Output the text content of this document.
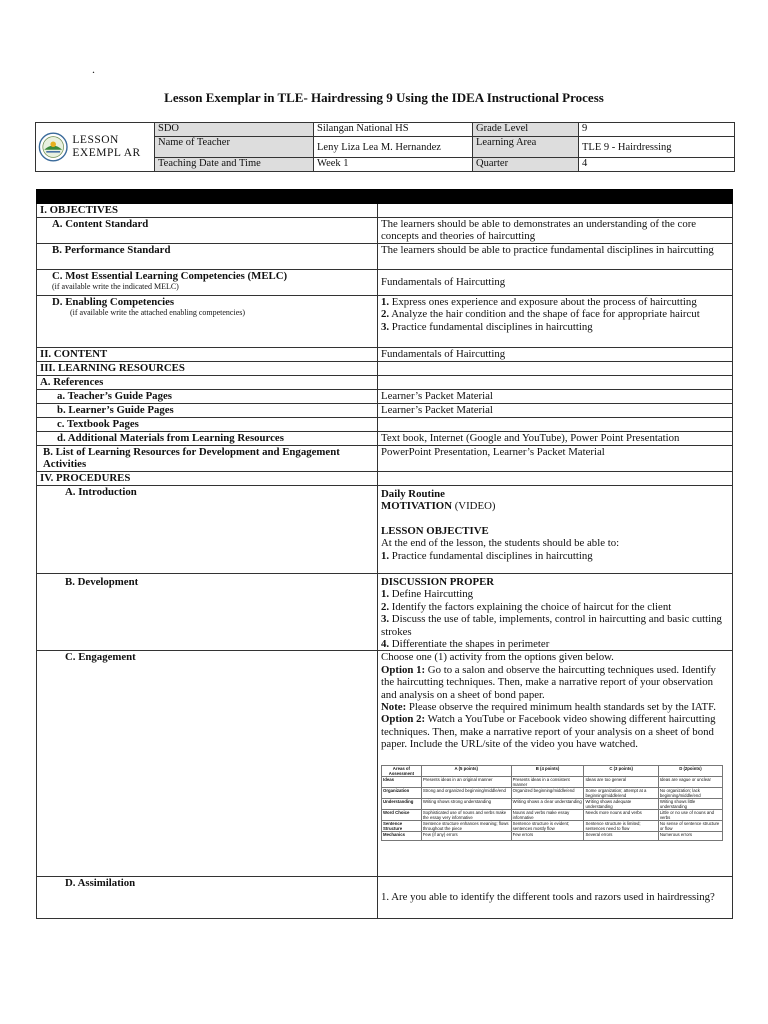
.
Lesson Exemplar in TLE- Hairdressing 9 Using the IDEA Instructional Process
LESSON EXEMPL AR	SDO	Silangan National HS	Grade Level	9
	Name of Teacher	Leny Liza Lea M. Hernandez	Learning Area	TLE 9 - Hairdressing
	Teaching Date and Time	Week 1	Quarter	4

I. OBJECTIVES	
A. Content Standard	The learners should be able to demonstrates an understanding of the core concepts and theories of haircutting
B. Performance Standard	The learners should be able to practice fundamental disciplines in haircutting
C. Most Essential Learning Competencies (MELC)
(if available write the indicated MELC)	Fundamentals of Haircutting
D. Enabling Competencies
(if available write the attached enabling competencies)

1. Express ones experience and exposure about the process of haircutting
2. Analyze the hair condition and the shape of face for appropriate haircut
3. Practice fundamental disciplines in haircutting

II. CONTENT	Fundamentals of Haircutting
III. LEARNING RESOURCES	
A. References	
a. Teacher’s Guide Pages	Learner’s Packet Material
b. Learner’s Guide Pages	Learner’s Packet Material
c. Textbook Pages	
d. Additional Materials from Learning Resources	Text book, Internet (Google and YouTube), Power Point Presentation
B. List of Learning Resources for Development and Engagement Activities	PowerPoint Presentation, Learner’s Packet Material
IV. PROCEDURES	
A. Introduction	Daily Routine
MOTIVATION (VIDEO)
LESSON OBJECTIVE
At the end of the lesson, the students should be able to:
1. Practice fundamental disciplines in haircutting

B. Development	DISCUSSION PROPER
1. Define Haircutting
2. Identify the factors explaining the choice of haircut for the client
3. Discuss the use of table, implements, control in haircutting and basic cutting strokes
4. Differentiate the shapes in perimeter

C. Engagement	Choose one (1) activity from the options given below.
Option 1: Go to a salon and observe the haircutting techniques used. Identify the haircutting techniques. Then, make a narrative report of your observation and analysis on a sheet of bond paper.
Note: Please observe the required minimum health standards set by the IATF.
Option 2: Watch a YouTube or Facebook video showing different haircutting techniques. Then, make a narrative report of your analysis on a sheet of bond paper. Include the URL/site of the video you have watched.
Areas of Assessment	A (5 points)	B (4 points)	C (3 points)	D (2points)
Ideas	Presents ideas in an original manner	Presents ideas in a consistent manner	Ideas are too general	Ideas are vague or unclear
Organization	Strong and organized beginning/middle/end	Organized beginning/middle/end	Some organization; attempt at a beginning/middle/end	No organization; lack beginning/middle/end
Understanding	Writing shows strong understanding	Writing shows a clear understanding	Writing shows adequate understanding	Writing shows little understanding
Word Choice	Sophisticated use of nouns and verbs make the essay very informative	Nouns and verbs make essay informative	Needs more nouns and verbs	Little or no use of nouns and verbs
Sentence Structure	Sentence structure enhances meaning; flows throughout the piece	Sentence structure is evident; sentences mostly flow	Sentence structure is limited; sentences need to flow	No sense of sentence structure or flow
Mechanics	Few (if any) errors	Few errors	Several errors	Numerous errors

D. Assimilation	1. Are you able to identify the different tools and razors used in hairdressing?
